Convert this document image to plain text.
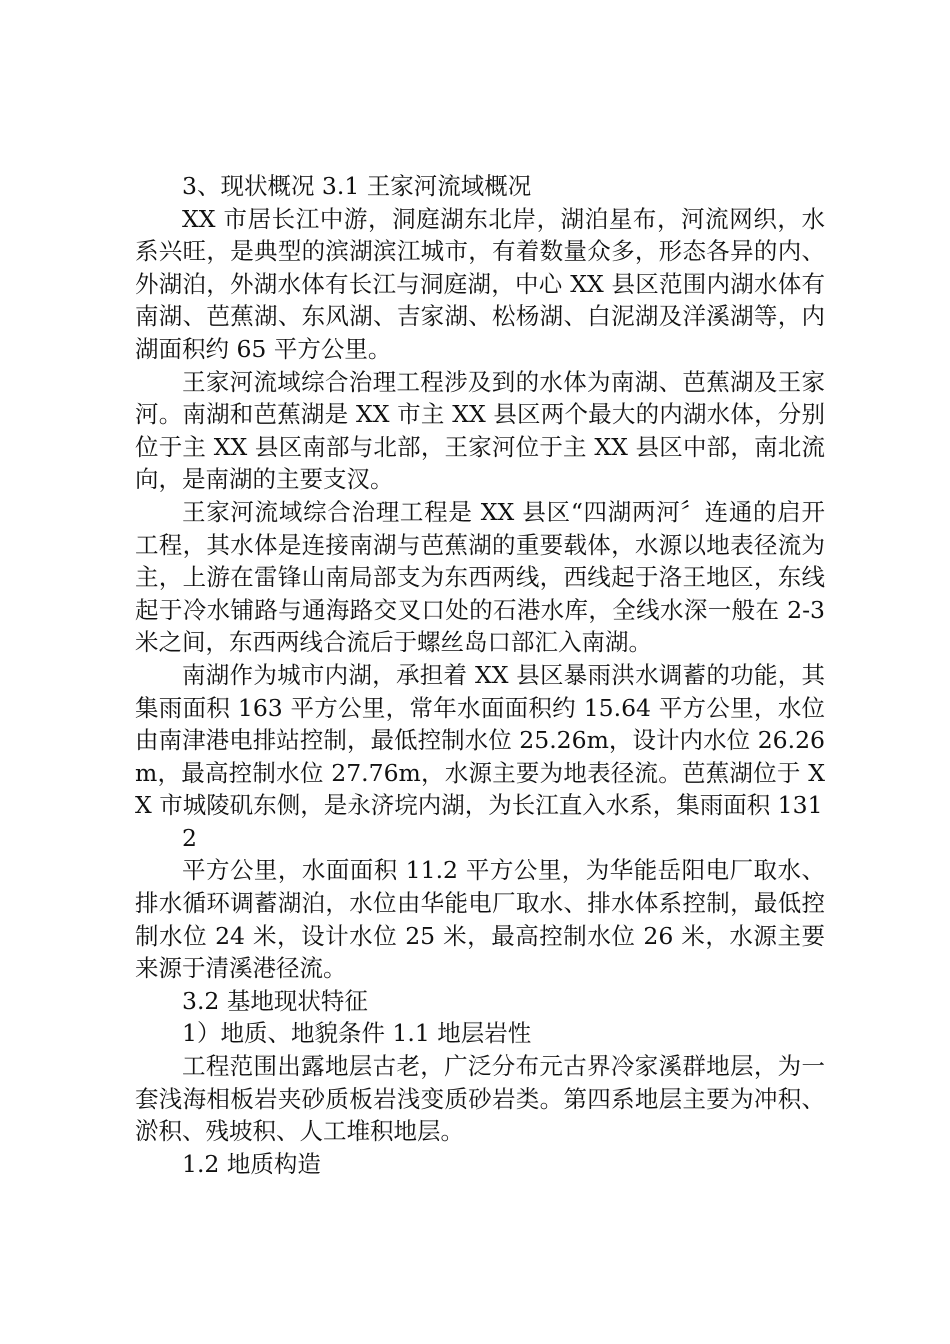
3、现状概况 3.1 王家河流域概况

XX 市居长江中游，洞庭湖东北岸，湖泊星布，河流网织，水系兴旺，是典型的滨湖滨江城市，有着数量众多，形态各异的内、外湖泊，外湖水体有长江与洞庭湖，中心 XX 县区范围内湖水体有南湖、芭蕉湖、东风湖、吉家湖、松杨湖、白泥湖及洋溪湖等，内湖面积约 65 平方公里。

王家河流域综合治理工程涉及到的水体为南湖、芭蕉湖及王家河。南湖和芭蕉湖是 XX 市主 XX 县区两个最大的内湖水体，分别位于主 XX 县区南部与北部，王家河位于主 XX 县区中部，南北流向，是南湖的主要支汊。

王家河流域综合治理工程是 XX 县区“四湖两河〞连通的启开工程，其水体是连接南湖与芭蕉湖的重要载体，水源以地表径流为主，上游在雷锋山南局部支为东西两线，西线起于洛王地区，东线起于冷水铺路与通海路交叉口处的石港水库，全线水深一般在 2-3 米之间，东西两线合流后于螺丝岛口部汇入南湖。

南湖作为城市内湖，承担着 XX 县区暴雨洪水调蓄的功能，其集雨面积 163 平方公里，常年水面面积约 15.64 平方公里，水位由南津港电排站控制，最低控制水位 25.26m，设计内水位 26.26m，最高控制水位 27.76m，水源主要为地表径流。芭蕉湖位于 XX 市城陵矶东侧，是永济垸内湖，为长江直入水系，集雨面积 131

2

平方公里，水面面积 11.2 平方公里，为华能岳阳电厂取水、排水循环调蓄湖泊，水位由华能电厂取水、排水体系控制，最低控制水位 24 米，设计水位 25 米，最高控制水位 26 米，水源主要来源于清溪港径流。

3.2 基地现状特征

1）地质、地貌条件 1.1 地层岩性

工程范围出露地层古老，广泛分布元古界冷家溪群地层，为一套浅海相板岩夹砂质板岩浅变质砂岩类。第四系地层主要为冲积、淤积、残坡积、人工堆积地层。

1.2 地质构造
